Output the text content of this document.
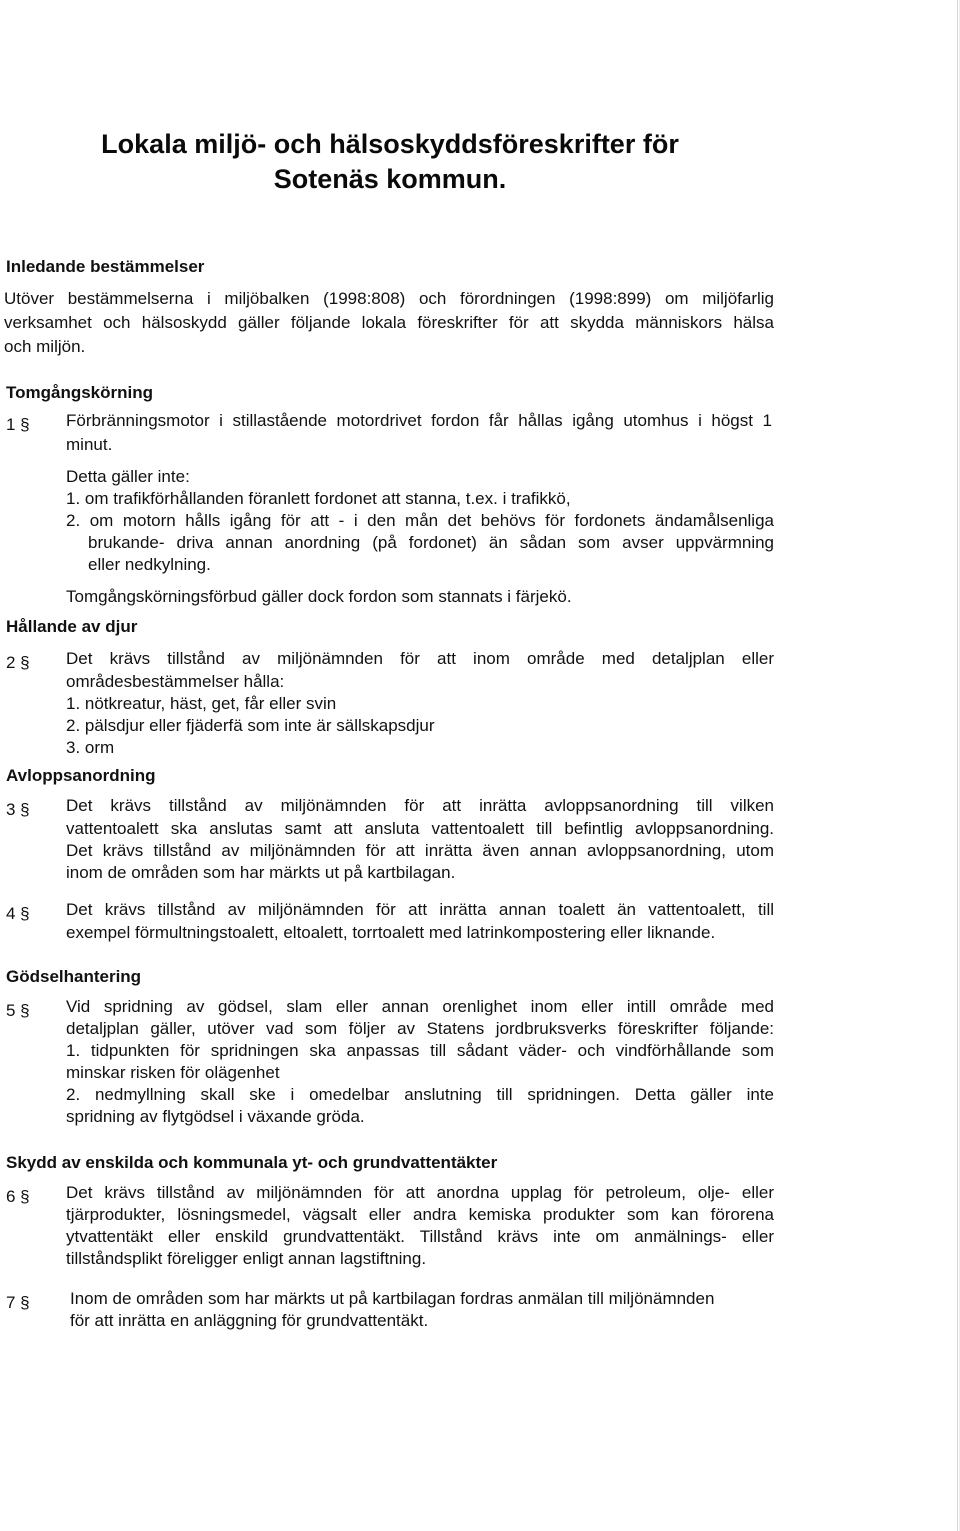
Lokala miljö- och hälsoskyddsföreskrifter för
Sotenäs kommun.
Inledande bestämmelser
Utöver bestämmelserna i miljöbalken (1998:808) och förordningen (1998:899) om miljöfarlig
verksamhet och hälsoskydd gäller följande lokala föreskrifter för att skydda människors hälsa
och miljön.
Tomgångskörning
1 § Förbränningsmotor i stillastående motordrivet fordon får hållas igång utomhus i högst 1
minut.
Detta gäller inte:
1. om trafikförhållanden föranlett fordonet att stanna, t.ex. i trafikkö,
2. om motorn hålls igång för att - i den mån det behövs för fordonets ändamålsenliga
brukande- driva annan anordning (på fordonet) än sådan som avser uppvärmning
eller nedkylning.
Tomgångskörningsförbud gäller dock fordon som stannats i färjekö.
Hållande av djur
2 § Det krävs tillstånd av miljönämnden för att inom område med detaljplan eller
områdesbestämmelser hålla:
1. nötkreatur, häst, get, får eller svin
2. pälsdjur eller fjäderfä som inte är sällskapsdjur
3. orm
Avloppsanordning
3 § Det krävs tillstånd av miljönämnden för att inrätta avloppsanordning till vilken
vattentoalett ska anslutas samt att ansluta vattentoalett till befintlig avloppsanordning.
Det krävs tillstånd av miljönämnden för att inrätta även annan avloppsanordning, utom
inom de områden som har märkts ut på kartbilagan.
4 § Det krävs tillstånd av miljönämnden för att inrätta annan toalett än vattentoalett, till
exempel förmultningstoalett, eltoalett, torrtoalett med latrinkompostering eller liknande.
Gödselhantering
5 § Vid spridning av gödsel, slam eller annan orenlighet inom eller intill område med
detaljplan gäller, utöver vad som följer av Statens jordbruksverks föreskrifter följande:
1. tidpunkten för spridningen ska anpassas till sådant väder- och vindförhållande som
minskar risken för olägenhet
2. nedmyllning skall ske i omedelbar anslutning till spridningen. Detta gäller inte
spridning av flytgödsel i växande gröda.
Skydd av enskilda och kommunala yt- och grundvattentäkter
6 § Det krävs tillstånd av miljönämnden för att anordna upplag för petroleum, olje- eller
tjärprodukter, lösningsmedel, vägsalt eller andra kemiska produkter som kan förorena
ytvattentäkt eller enskild grundvattentäkt. Tillstånd krävs inte om anmälnings- eller
tillståndsplikt föreligger enligt annan lagstiftning.
7 § Inom de områden som har märkts ut på kartbilagan fordras anmälan till miljönämnden
för att inrätta en anläggning för grundvattentäkt.
